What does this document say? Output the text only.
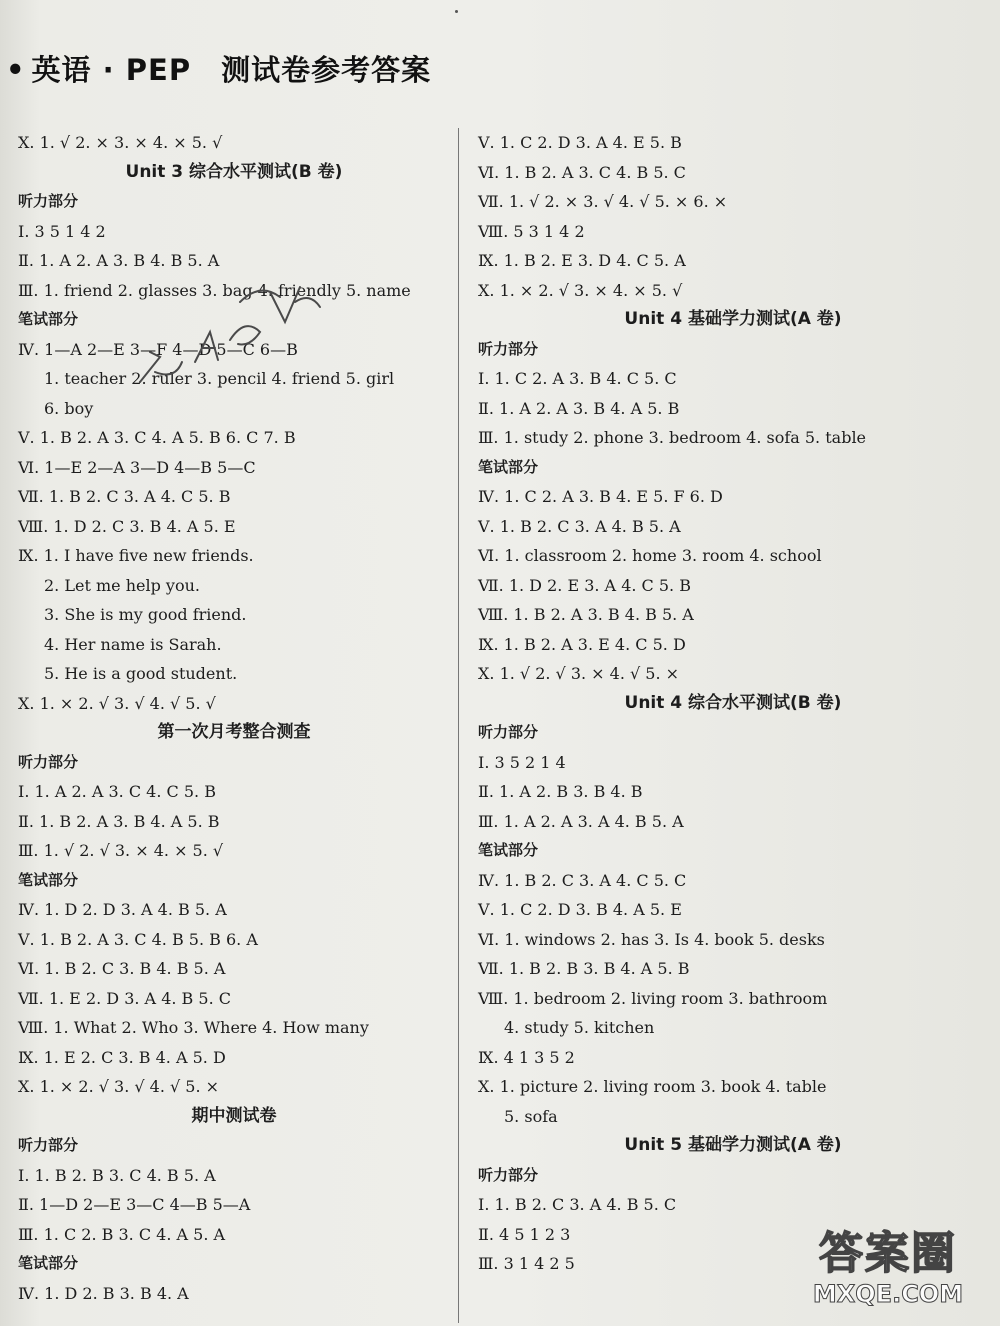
• 英语 · PEP 测试卷参考答案
Ⅹ. 1. √ 2. × 3. × 4. × 5. √
Unit 3 综合水平测试(B 卷)
听力部分
Ⅰ. 3 5 1 4 2
Ⅱ. 1. A 2. A 3. B 4. B 5. A
Ⅲ. 1. friend 2. glasses 3. bag 4. friendly 5. name
笔试部分
Ⅳ. 1—A 2—E 3—F 4—D 5—C 6—B
1. teacher 2. ruler 3. pencil 4. friend 5. girl
6. boy
Ⅴ. 1. B 2. A 3. C 4. A 5. B 6. C 7. B
Ⅵ. 1—E 2—A 3—D 4—B 5—C
Ⅶ. 1. B 2. C 3. A 4. C 5. B
Ⅷ. 1. D 2. C 3. B 4. A 5. E
Ⅸ. 1. I have five new friends.
2. Let me help you.
3. She is my good friend.
4. Her name is Sarah.
5. He is a good student.
Ⅹ. 1. × 2. √ 3. √ 4. √ 5. √
第一次月考整合测查
听力部分
Ⅰ. 1. A 2. A 3. C 4. C 5. B
Ⅱ. 1. B 2. A 3. B 4. A 5. B
Ⅲ. 1. √ 2. √ 3. × 4. × 5. √
笔试部分
Ⅳ. 1. D 2. D 3. A 4. B 5. A
Ⅴ. 1. B 2. A 3. C 4. B 5. B 6. A
Ⅵ. 1. B 2. C 3. B 4. B 5. A
Ⅶ. 1. E 2. D 3. A 4. B 5. C
Ⅷ. 1. What 2. Who 3. Where 4. How many
Ⅸ. 1. E 2. C 3. B 4. A 5. D
Ⅹ. 1. × 2. √ 3. √ 4. √ 5. ×
期中测试卷
听力部分
Ⅰ. 1. B 2. B 3. C 4. B 5. A
Ⅱ. 1—D 2—E 3—C 4—B 5—A
Ⅲ. 1. C 2. B 3. C 4. A 5. A
笔试部分
Ⅳ. 1. D 2. B 3. B 4. A
Ⅴ. 1. C 2. D 3. A 4. E 5. B
Ⅵ. 1. B 2. A 3. C 4. B 5. C
Ⅶ. 1. √ 2. × 3. √ 4. √ 5. × 6. ×
Ⅷ. 5 3 1 4 2
Ⅸ. 1. B 2. E 3. D 4. C 5. A
Ⅹ. 1. × 2. √ 3. × 4. × 5. √
Unit 4 基础学力测试(A 卷)
听力部分
Ⅰ. 1. C 2. A 3. B 4. C 5. C
Ⅱ. 1. A 2. A 3. B 4. A 5. B
Ⅲ. 1. study 2. phone 3. bedroom 4. sofa 5. table
笔试部分
Ⅳ. 1. C 2. A 3. B 4. E 5. F 6. D
Ⅴ. 1. B 2. C 3. A 4. B 5. A
Ⅵ. 1. classroom 2. home 3. room 4. school
Ⅶ. 1. D 2. E 3. A 4. C 5. B
Ⅷ. 1. B 2. A 3. B 4. B 5. A
Ⅸ. 1. B 2. A 3. E 4. C 5. D
Ⅹ. 1. √ 2. √ 3. × 4. √ 5. ×
Unit 4 综合水平测试(B 卷)
听力部分
Ⅰ. 3 5 2 1 4
Ⅱ. 1. A 2. B 3. B 4. B
Ⅲ. 1. A 2. A 3. A 4. B 5. A
笔试部分
Ⅳ. 1. B 2. C 3. A 4. C 5. C
Ⅴ. 1. C 2. D 3. B 4. A 5. E
Ⅵ. 1. windows 2. has 3. Is 4. book 5. desks
Ⅶ. 1. B 2. B 3. B 4. A 5. B
Ⅷ. 1. bedroom 2. living room 3. bathroom
4. study 5. kitchen
Ⅸ. 4 1 3 5 2
Ⅹ. 1. picture 2. living room 3. book 4. table
5. sofa
Unit 5 基础学力测试(A 卷)
听力部分
Ⅰ. 1. B 2. C 3. A 4. B 5. C
Ⅱ. 4 5 1 2 3
Ⅲ. 3 1 4 2 5	答案圈
MXQE.COM
